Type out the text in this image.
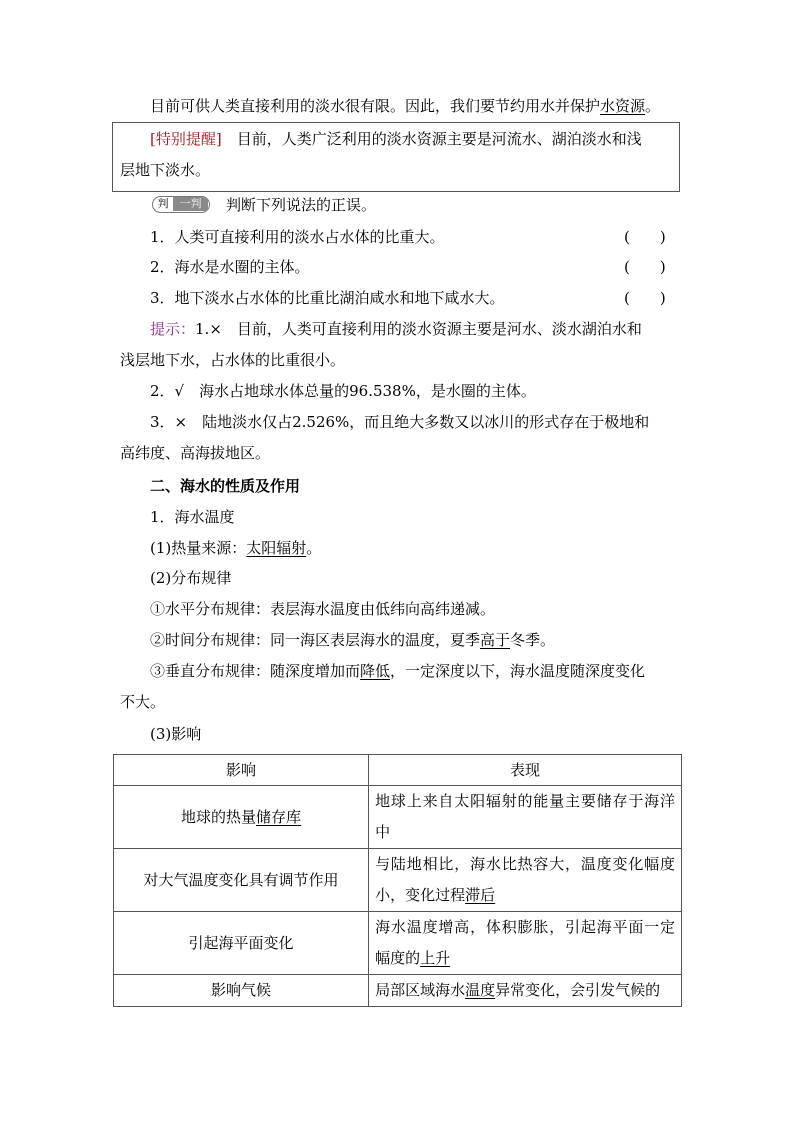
目前可供人类直接利用的淡水很有限。因此，我们要节约用水并保护水资源。
[特别提醒]　 目前，人类广泛利用的淡水资源主要是河流水、湖泊淡水和浅
层地下淡水。
判	一判	判断下列说法的正误。
1．人类可直接利用的淡水占水体的比重大。	(　　)
2．海水是水圈的主体。	(　　)
3．地下淡水占水体的比重比湖泊咸水和地下咸水大。	(　　)
提示：1.×　目前，人类可直接利用的淡水资源主要是河水、淡水湖泊水和
浅层地下水，占水体的比重很小。
2．√　海水占地球水体总量的96.538%，是水圈的主体。
3．×　陆地淡水仅占2.526%，而且绝大多数又以冰川的形式存在于极地和
高纬度、高海拔地区。
二、海水的性质及作用
1．海水温度
(1)热量来源：太阳辐射。
(2)分布规律
①水平分布规律：表层海水温度由低纬向高纬递减。
②时间分布规律：同一海区表层海水的温度，夏季高于冬季。
③垂直分布规律：随深度增加而降低，一定深度以下，海水温度随深度变化
不大。
(3)影响
影响	表现
地球的热量储存库	地球上来自太阳辐射的能量主要储存于海洋中
对大气温度变化具有调节作用	与陆地相比，海水比热容大，温度变化幅度小，变化过程滞后
引起海平面变化	海水温度增高，体积膨胀，引起海平面一定幅度的上升
影响气候	局部区域海水温度异常变化，会引发气候的
